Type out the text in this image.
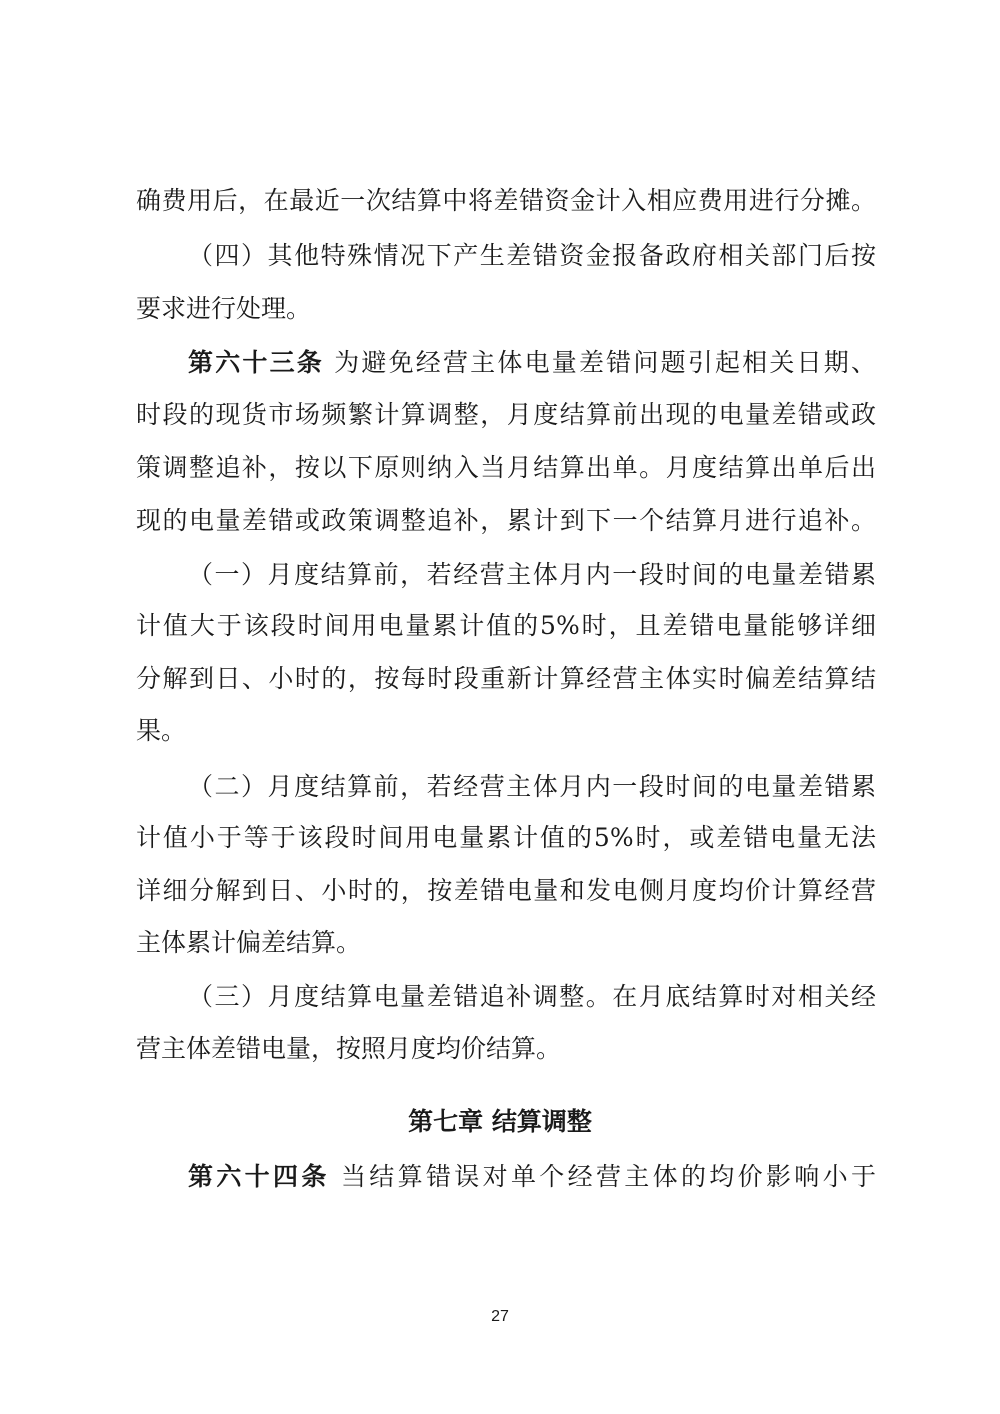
确费用后，在最近一次结算中将差错资金计入相应费用进行分摊。
（四）其他特殊情况下产生差错资金报备政府相关部门后按
要求进行处理。
第六十三条 为避免经营主体电量差错问题引起相关日期、
时段的现货市场频繁计算调整，月度结算前出现的电量差错或政
策调整追补，按以下原则纳入当月结算出单。月度结算出单后出
现的电量差错或政策调整追补，累计到下一个结算月进行追补。
（一）月度结算前，若经营主体月内一段时间的电量差错累
计值大于该段时间用电量累计值的5%时，且差错电量能够详细
分解到日、小时的，按每时段重新计算经营主体实时偏差结算结
果。
（二）月度结算前，若经营主体月内一段时间的电量差错累
计值小于等于该段时间用电量累计值的5%时，或差错电量无法
详细分解到日、小时的，按差错电量和发电侧月度均价计算经营
主体累计偏差结算。
（三）月度结算电量差错追补调整。在月底结算时对相关经
营主体差错电量，按照月度均价结算。
第七章 结算调整
第六十四条 当结算错误对单个经营主体的均价影响小于
27
